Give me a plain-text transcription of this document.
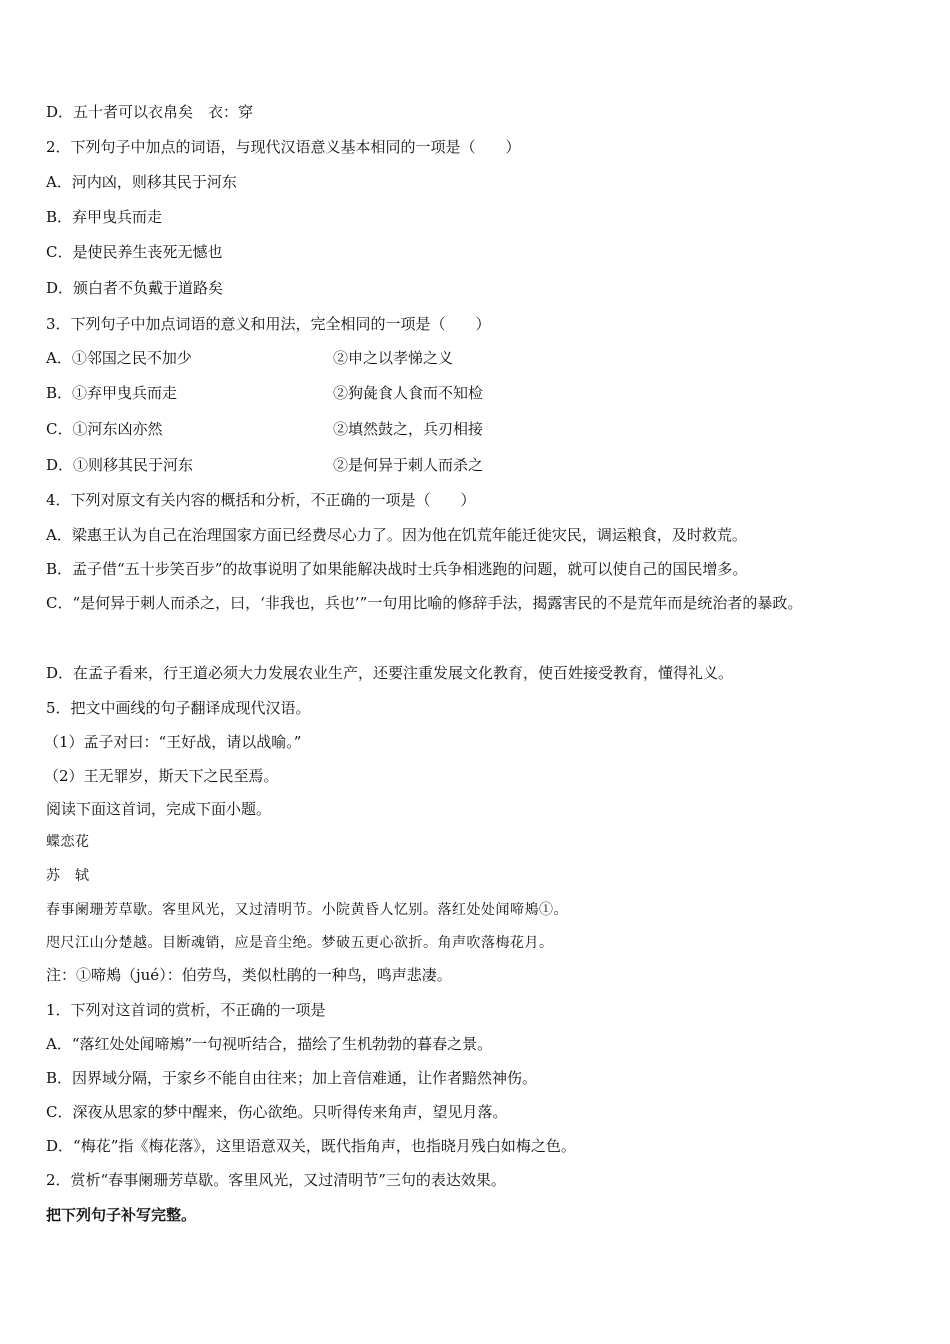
D．五十者可以衣帛矣　衣：穿
2．下列句子中加点的词语，与现代汉语意义基本相同的一项是（　　）
A．河内凶，则移其民于河东
B．弃甲曳兵而走
C．是使民养生丧死无憾也
D．颁白者不负戴于道路矣
3．下列句子中加点词语的意义和用法，完全相同的一项是（　　）
A．①邻国之民不加少	②申之以孝悌之义
B．①弃甲曳兵而走	②狗彘食人食而不知检
C．①河东凶亦然	②填然鼓之，兵刃相接
D．①则移其民于河东	②是何异于刺人而杀之
4．下列对原文有关内容的概括和分析，不正确的一项是（　　）
A．梁惠王认为自己在治理国家方面已经费尽心力了。因为他在饥荒年能迁徙灾民，调运粮食，及时救荒。
B．孟子借“五十步笑百步”的故事说明了如果能解决战时士兵争相逃跑的问题，就可以使自己的国民增多。
C．“是何异于刺人而杀之，曰，‘非我也，兵也’”一句用比喻的修辞手法，揭露害民的不是荒年而是统治者的暴政。
D．在孟子看来，行王道必须大力发展农业生产，还要注重发展文化教育，使百姓接受教育，懂得礼义。
5．把文中画线的句子翻译成现代汉语。
（1）孟子对曰：“王好战，请以战喻。”
（2）王无罪岁，斯天下之民至焉。
阅读下面这首词，完成下面小题。
蝶恋花
苏　轼
春事阑珊芳草歇。客里风光，又过清明节。小院黄昏人忆别。落红处处闻啼鴂①。
咫尺江山分楚越。目断魂销，应是音尘绝。梦破五更心欲折。角声吹落梅花月。
注：①啼鴂（jué）：伯劳鸟，类似杜鹃的一种鸟，鸣声悲凄。
1．下列对这首词的赏析，不正确的一项是
A．“落红处处闻啼鴂”一句视听结合，描绘了生机勃勃的暮春之景。
B．因界域分隔，于家乡不能自由往来；加上音信难通，让作者黯然神伤。
C．深夜从思家的梦中醒来，伤心欲绝。只听得传来角声，望见月落。
D．“梅花”指《梅花落》，这里语意双关，既代指角声，也指晓月残白如梅之色。
2．赏析“春事阑珊芳草歇。客里风光，又过清明节”三句的表达效果。
把下列句子补写完整。
